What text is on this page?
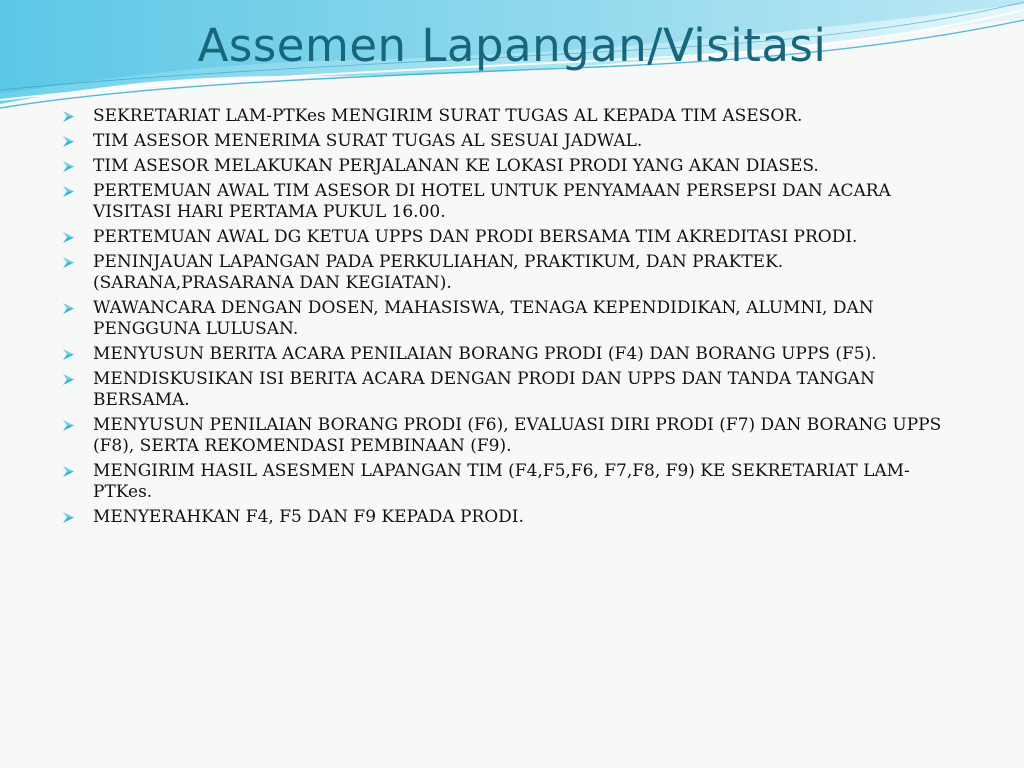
Assemen Lapangan/Visitasi
SEKRETARIAT LAM-PTKes MENGIRIM SURAT TUGAS AL KEPADA TIM ASESOR.
TIM ASESOR MENERIMA SURAT TUGAS AL SESUAI JADWAL.
TIM ASESOR MELAKUKAN PERJALANAN KE LOKASI PRODI YANG AKAN DIASES.
PERTEMUAN AWAL TIM ASESOR DI HOTEL UNTUK PENYAMAAN PERSEPSI DAN ACARA VISITASI HARI PERTAMA PUKUL 16.00.
PERTEMUAN AWAL DG KETUA UPPS DAN PRODI BERSAMA TIM AKREDITASI PRODI.
PENINJAUAN LAPANGAN PADA PERKULIAHAN, PRAKTIKUM, DAN PRAKTEK. (SARANA,PRASARANA DAN KEGIATAN).
WAWANCARA DENGAN DOSEN, MAHASISWA, TENAGA KEPENDIDIKAN, ALUMNI, DAN PENGGUNA LULUSAN.
MENYUSUN BERITA ACARA PENILAIAN BORANG PRODI (F4) DAN BORANG UPPS (F5).
MENDISKUSIKAN ISI BERITA ACARA DENGAN PRODI DAN UPPS DAN TANDA TANGAN BERSAMA.
MENYUSUN PENILAIAN BORANG PRODI (F6), EVALUASI DIRI PRODI (F7) DAN BORANG UPPS (F8), SERTA REKOMENDASI PEMBINAAN (F9).
MENGIRIM HASIL ASESMEN LAPANGAN TIM (F4,F5,F6, F7,F8, F9) KE SEKRETARIAT LAM-PTKes.
MENYERAHKAN F4, F5 DAN F9 KEPADA PRODI.
